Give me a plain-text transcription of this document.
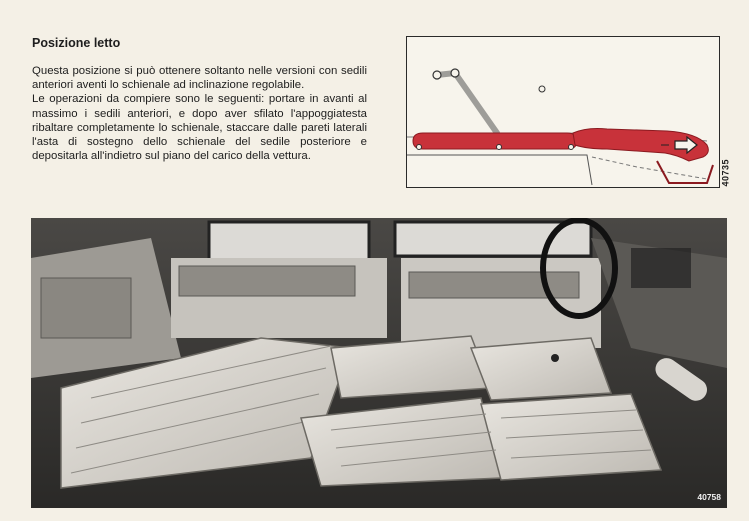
Posizione letto

Questa posizione si può ottenere soltanto nelle versioni con sedili anteriori aventi lo schienale ad inclinazione regolabile.

Le operazioni da compiere sono le seguenti: portare in avanti al massimo i sedili anteriori, e dopo aver sfilato l'appoggiatesta ribaltare completamente lo schienale, staccare dalle pareti laterali l'asta di sostegno dello schienale del sedile posteriore e depositarla all'indietro sul piano del carico della vettura.

40735
40758
